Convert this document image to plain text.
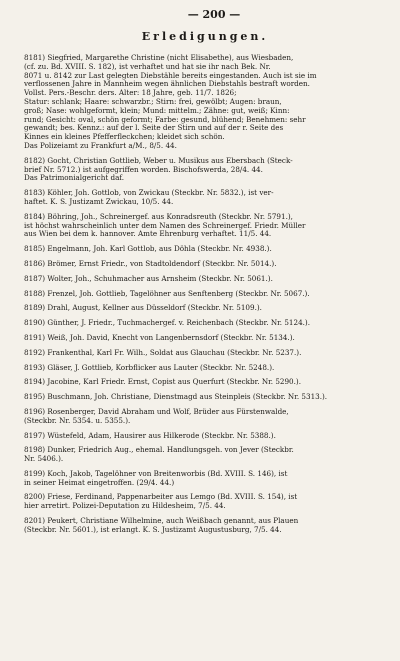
— 200 —
Erledigungen.
8181) Siegfried, Margarethe Christine (nicht Elisabethe), aus Wiesbaden,
(cf. zu. Bd. XVIII. S. 182), ist verhaftet und hat sie ihr nach Bek. Nr.
8071 u. 8142 zur Last gelegten Diebstähle bereits eingestanden. Auch ist sie im
verflossenen Jahre in Mannheim wegen ähnlichen Diebstahls bestraft worden.
Vollst. Pers.-Beschr. ders. Alter: 18 Jahre, geb. 11/7. 1826;
Statur: schlank; Haare: schwarzbr.; Stirn: frei, gewölbt; Augen: braun,
groß; Nase: wohlgeformt, klein; Mund: mittelm.; Zähne: gut, weiß; Kinn:
rund; Gesicht: oval, schön geformt; Farbe: gesund, blühend; Benehmen: sehr
gewandt; bes. Kennz.: auf der l. Seite der Stirn und auf der r. Seite des
Kinnes ein kleines Pfefferfleckchen; kleidet sich schön.
Das Polizeiamt zu Frankfurt a/M., 8/5. 44.
8182) Gocht, Christian Gottlieb, Weber u. Musikus aus Ebersbach (Steck-
brief Nr. 5712.) ist aufgegriffen worden. Bischofswerda, 28/4. 44.
Das Patrimonialgericht daf.
8183) Köhler, Joh. Gottlob, von Zwickau (Steckbr. Nr. 5832.), ist ver-
haftet. K. S. Justizamt Zwickau, 10/5. 44.
8184) Böhring, Joh., Schreinergef. aus Konradsreuth (Steckbr. Nr. 5791.),
ist höchst wahrscheinlich unter dem Namen des Schreinergef. Friedr. Müller
aus Wien bei dem k. hannover. Amte Ehrenburg verhaftet. 11/5. 44.
8185) Engelmann, Joh. Karl Gottlob, aus Döhla (Steckbr. Nr. 4938.).
8186) Brömer, Ernst Friedr., von Stadtoldendorf (Steckbr. Nr. 5014.).
8187) Wolter, Joh., Schuhmacher aus Arnsheim (Steckbr. Nr. 5061.).
8188) Frenzel, Joh. Gottlieb, Tagelöhner aus Senftenberg (Steckbr. Nr. 5067.).
8189) Drahl, August, Kellner aus Düsseldorf (Steckbr. Nr. 5109.).
8190) Günther, J. Friedr., Tuchmachergef. v. Reichenbach (Steckbr. Nr. 5124.).
8191) Weiß, Joh. David, Knecht von Langenbernsdorf (Steckbr. Nr. 5134.).
8192) Frankenthal, Karl Fr. Wilh., Soldat aus Glauchau (Steckbr. Nr. 5237.).
8193) Gläser, J. Gottlieb, Korbflicker aus Lauter (Steckbr. Nr. 5248.).
8194) Jacobine, Karl Friedr. Ernst, Copist aus Querfurt (Steckbr. Nr. 5290.).
8195) Buschmann, Joh. Christiane, Dienstmagd aus Steinpleis (Steckbr. Nr. 5313.).
8196) Rosenberger, David Abraham und Wolf, Brüder aus Fürstenwalde,
(Steckbr. Nr. 5354. u. 5355.).
8197) Wüstefeld, Adam, Hausirer aus Hilkerode (Steckbr. Nr. 5388.).
8198) Dunker, Friedrich Aug., ehemal. Handlungsgeh. von Jever (Steckbr.
Nr. 5406.).
8199) Koch, Jakob, Tagelöhner von Breitenworbis (Bd. XVIII. S. 146), ist
in seiner Heimat eingetroffen. (29/4. 44.)
8200) Friese, Ferdinand, Pappenarbeiter aus Lemgo (Bd. XVIII. S. 154), ist
hier arretirt. Polizei-Deputation zu Hildesheim, 7/5. 44.
8201) Peukert, Christiane Wilhelmine, auch Weißbach genannt, aus Plauen
(Steckbr. Nr. 5601.), ist erlangt. K. S. Justizamt Augustusburg, 7/5. 44.
